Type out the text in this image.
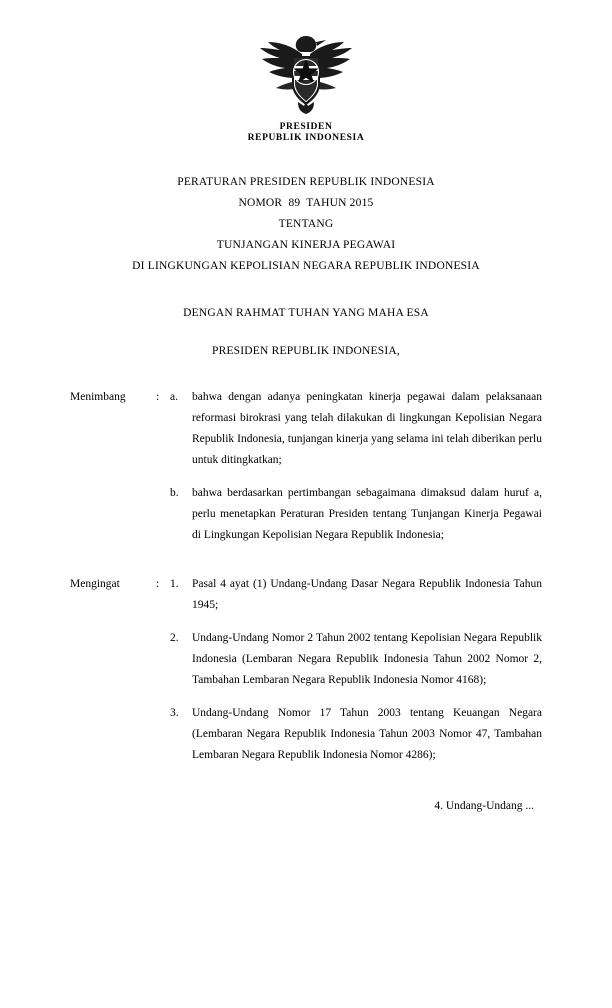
PRESIDEN
REPUBLIK INDONESIA
PERATURAN PRESIDEN REPUBLIK INDONESIA
NOMOR  89  TAHUN 2015
TENTANG
TUNJANGAN KINERJA PEGAWAI
DI LINGKUNGAN KEPOLISIAN NEGARA REPUBLIK INDONESIA
DENGAN RAHMAT TUHAN YANG MAHA ESA
PRESIDEN REPUBLIK INDONESIA,
Menimbang	: a.	bahwa dengan adanya peningkatan kinerja pegawai dalam pelaksanaan reformasi birokrasi yang telah dilakukan di lingkungan Kepolisian Negara Republik Indonesia, tunjangan kinerja yang selama ini telah diberikan perlu untuk ditingkatkan;
b.	bahwa berdasarkan pertimbangan sebagaimana dimaksud dalam huruf a, perlu menetapkan Peraturan Presiden tentang Tunjangan Kinerja Pegawai di Lingkungan Kepolisian Negara Republik Indonesia;
Mengingat	: 1.	Pasal 4 ayat (1) Undang-Undang Dasar Negara Republik Indonesia Tahun 1945;
2.	Undang-Undang Nomor 2 Tahun 2002 tentang Kepolisian Negara Republik Indonesia (Lembaran Negara Republik Indonesia Tahun 2002 Nomor 2, Tambahan Lembaran Negara Republik Indonesia Nomor 4168);
3.	Undang-Undang Nomor 17 Tahun 2003 tentang Keuangan Negara (Lembaran Negara Republik Indonesia Tahun 2003 Nomor 47, Tambahan Lembaran Negara Republik Indonesia Nomor 4286);
4. Undang-Undang ...
